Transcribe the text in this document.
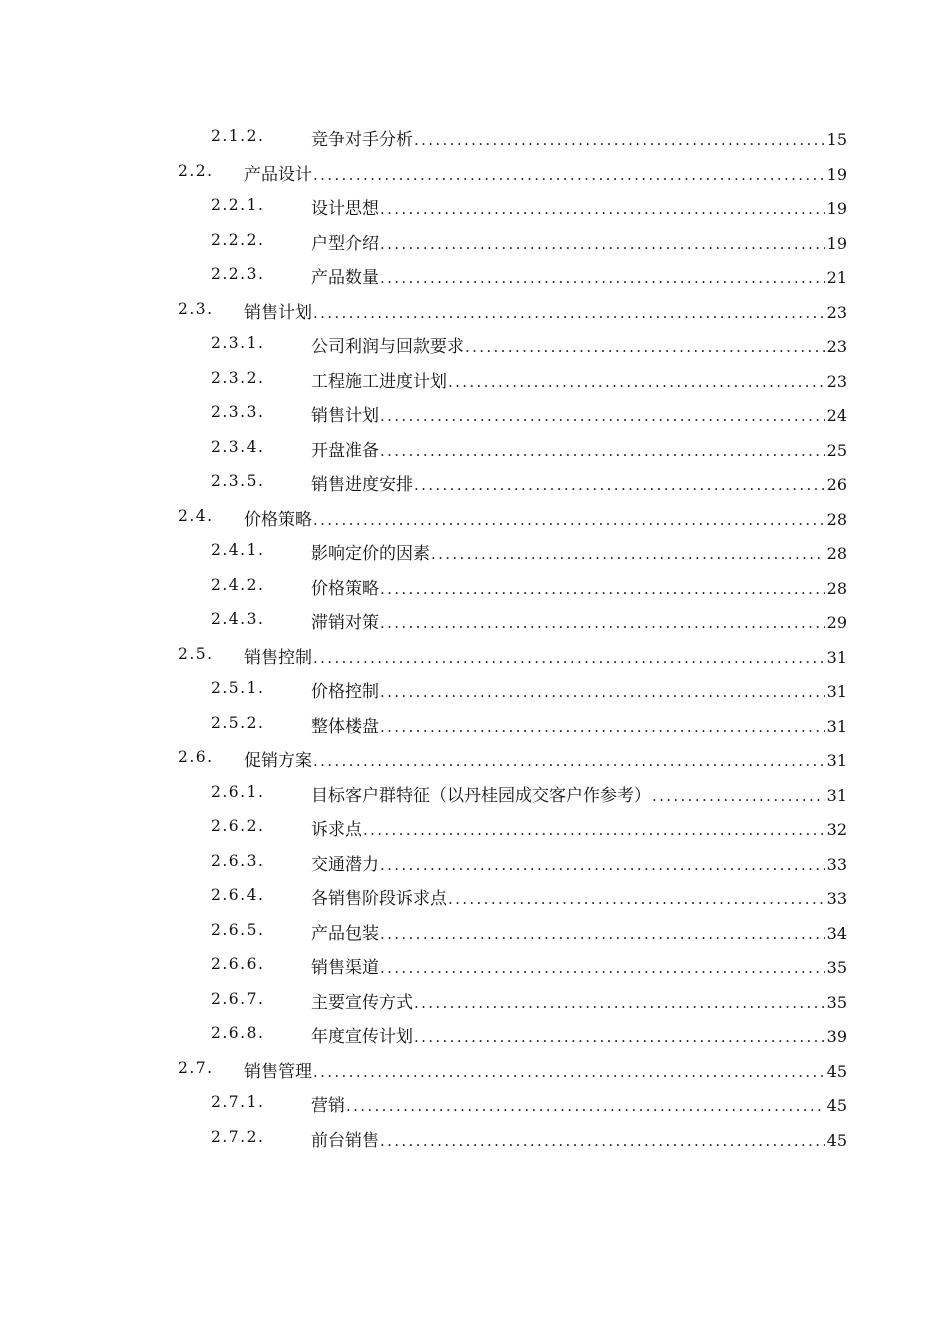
2.1.2.	竞争对手分析 . . .	15
2.2. 产品设计 . . .	19
2.2.1.	设计思想 . . .	19
2.2.2.	户型介绍 . . .	19
2.2.3.	产品数量 . . .	21
2.3. 销售计划 . . .	23
2.3.1.	公司利润与回款要求 . . .	23
2.3.2.	工程施工进度计划 . . .	23
2.3.3.	销售计划 . . .	24
2.3.4.	开盘准备 . . .	25
2.3.5.	销售进度安排 . . .	26
2.4. 价格策略 . . .	28
2.4.1.	影响定价的因素 . . .	28
2.4.2.	价格策略 . . .	28
2.4.3.	滞销对策 . . .	29
2.5. 销售控制 . . .	31
2.5.1.	价格控制 . . .	31
2.5.2.	整体楼盘 . . .	31
2.6. 促销方案 . . .	31
2.6.1.	目标客户群特征（以丹桂园成交客户作参考） . . .	31
2.6.2.	诉求点 . . .	32
2.6.3.	交通潜力 . . .	33
2.6.4.	各销售阶段诉求点 . . .	33
2.6.5.	产品包装 . . .	34
2.6.6.	销售渠道 . . .	35
2.6.7.	主要宣传方式 . . .	35
2.6.8.	年度宣传计划 . . .	39
2.7. 销售管理 . . .	45
2.7.1.	营销 . . .	45
2.7.2.	前台销售 . . .	45
